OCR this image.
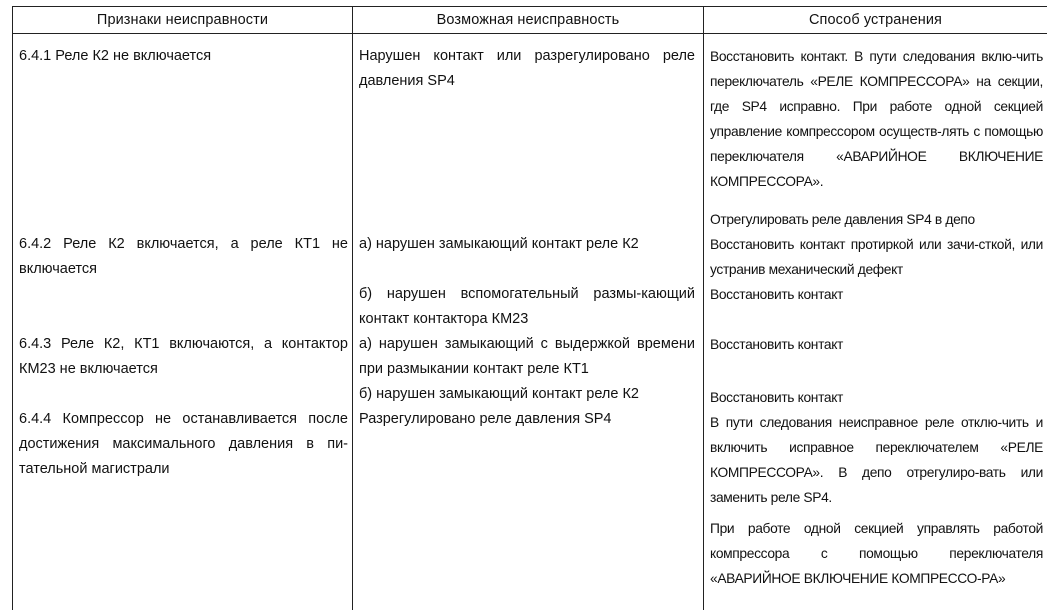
Признаки неисправности
6.4.1 Реле К2 не включается
6.4.2 Реле К2 включается, а реле КТ1 не включается
6.4.3 Реле К2, КТ1 включаются, а контактор КМ23 не включается
6.4.4 Компрессор не останавливается после достижения максимального давления в пи-тательной магистрали
Возможная неисправность
Нарушен контакт или разрегулировано реле давления SP4
а) нарушен замыкающий контакт реле К2
б) нарушен вспомогательный размы-кающий контакт контактора КМ23
а) нарушен замыкающий с выдержкой времени при размыкании контакт реле КТ1
б) нарушен замыкающий контакт реле К2
Разрегулировано реле давления SP4
Способ устранения
Восстановить контакт. В пути следования вклю-чить переключатель «РЕЛЕ КОМПРЕССОРА» на секции, где SP4 исправно. При работе одной секцией управление компрессором осуществ-лять с помощью переключателя «АВАРИЙНОЕ ВКЛЮЧЕНИЕ КОМПРЕССОРА».
Отрегулировать реле давления SP4 в депо
Восстановить контакт протиркой или зачи-сткой, или устранив механический дефект
Восстановить контакт
Восстановить контакт
Восстановить контакт
В пути следования неисправное реле отклю-чить и включить исправное переключателем «РЕЛЕ КОМПРЕССОРА». В депо отрегулиро-вать или заменить реле SP4.
При работе одной секцией управлять работой компрессора с помощью переключателя «АВАРИЙНОЕ ВКЛЮЧЕНИЕ КОМПРЕССО-РА»
